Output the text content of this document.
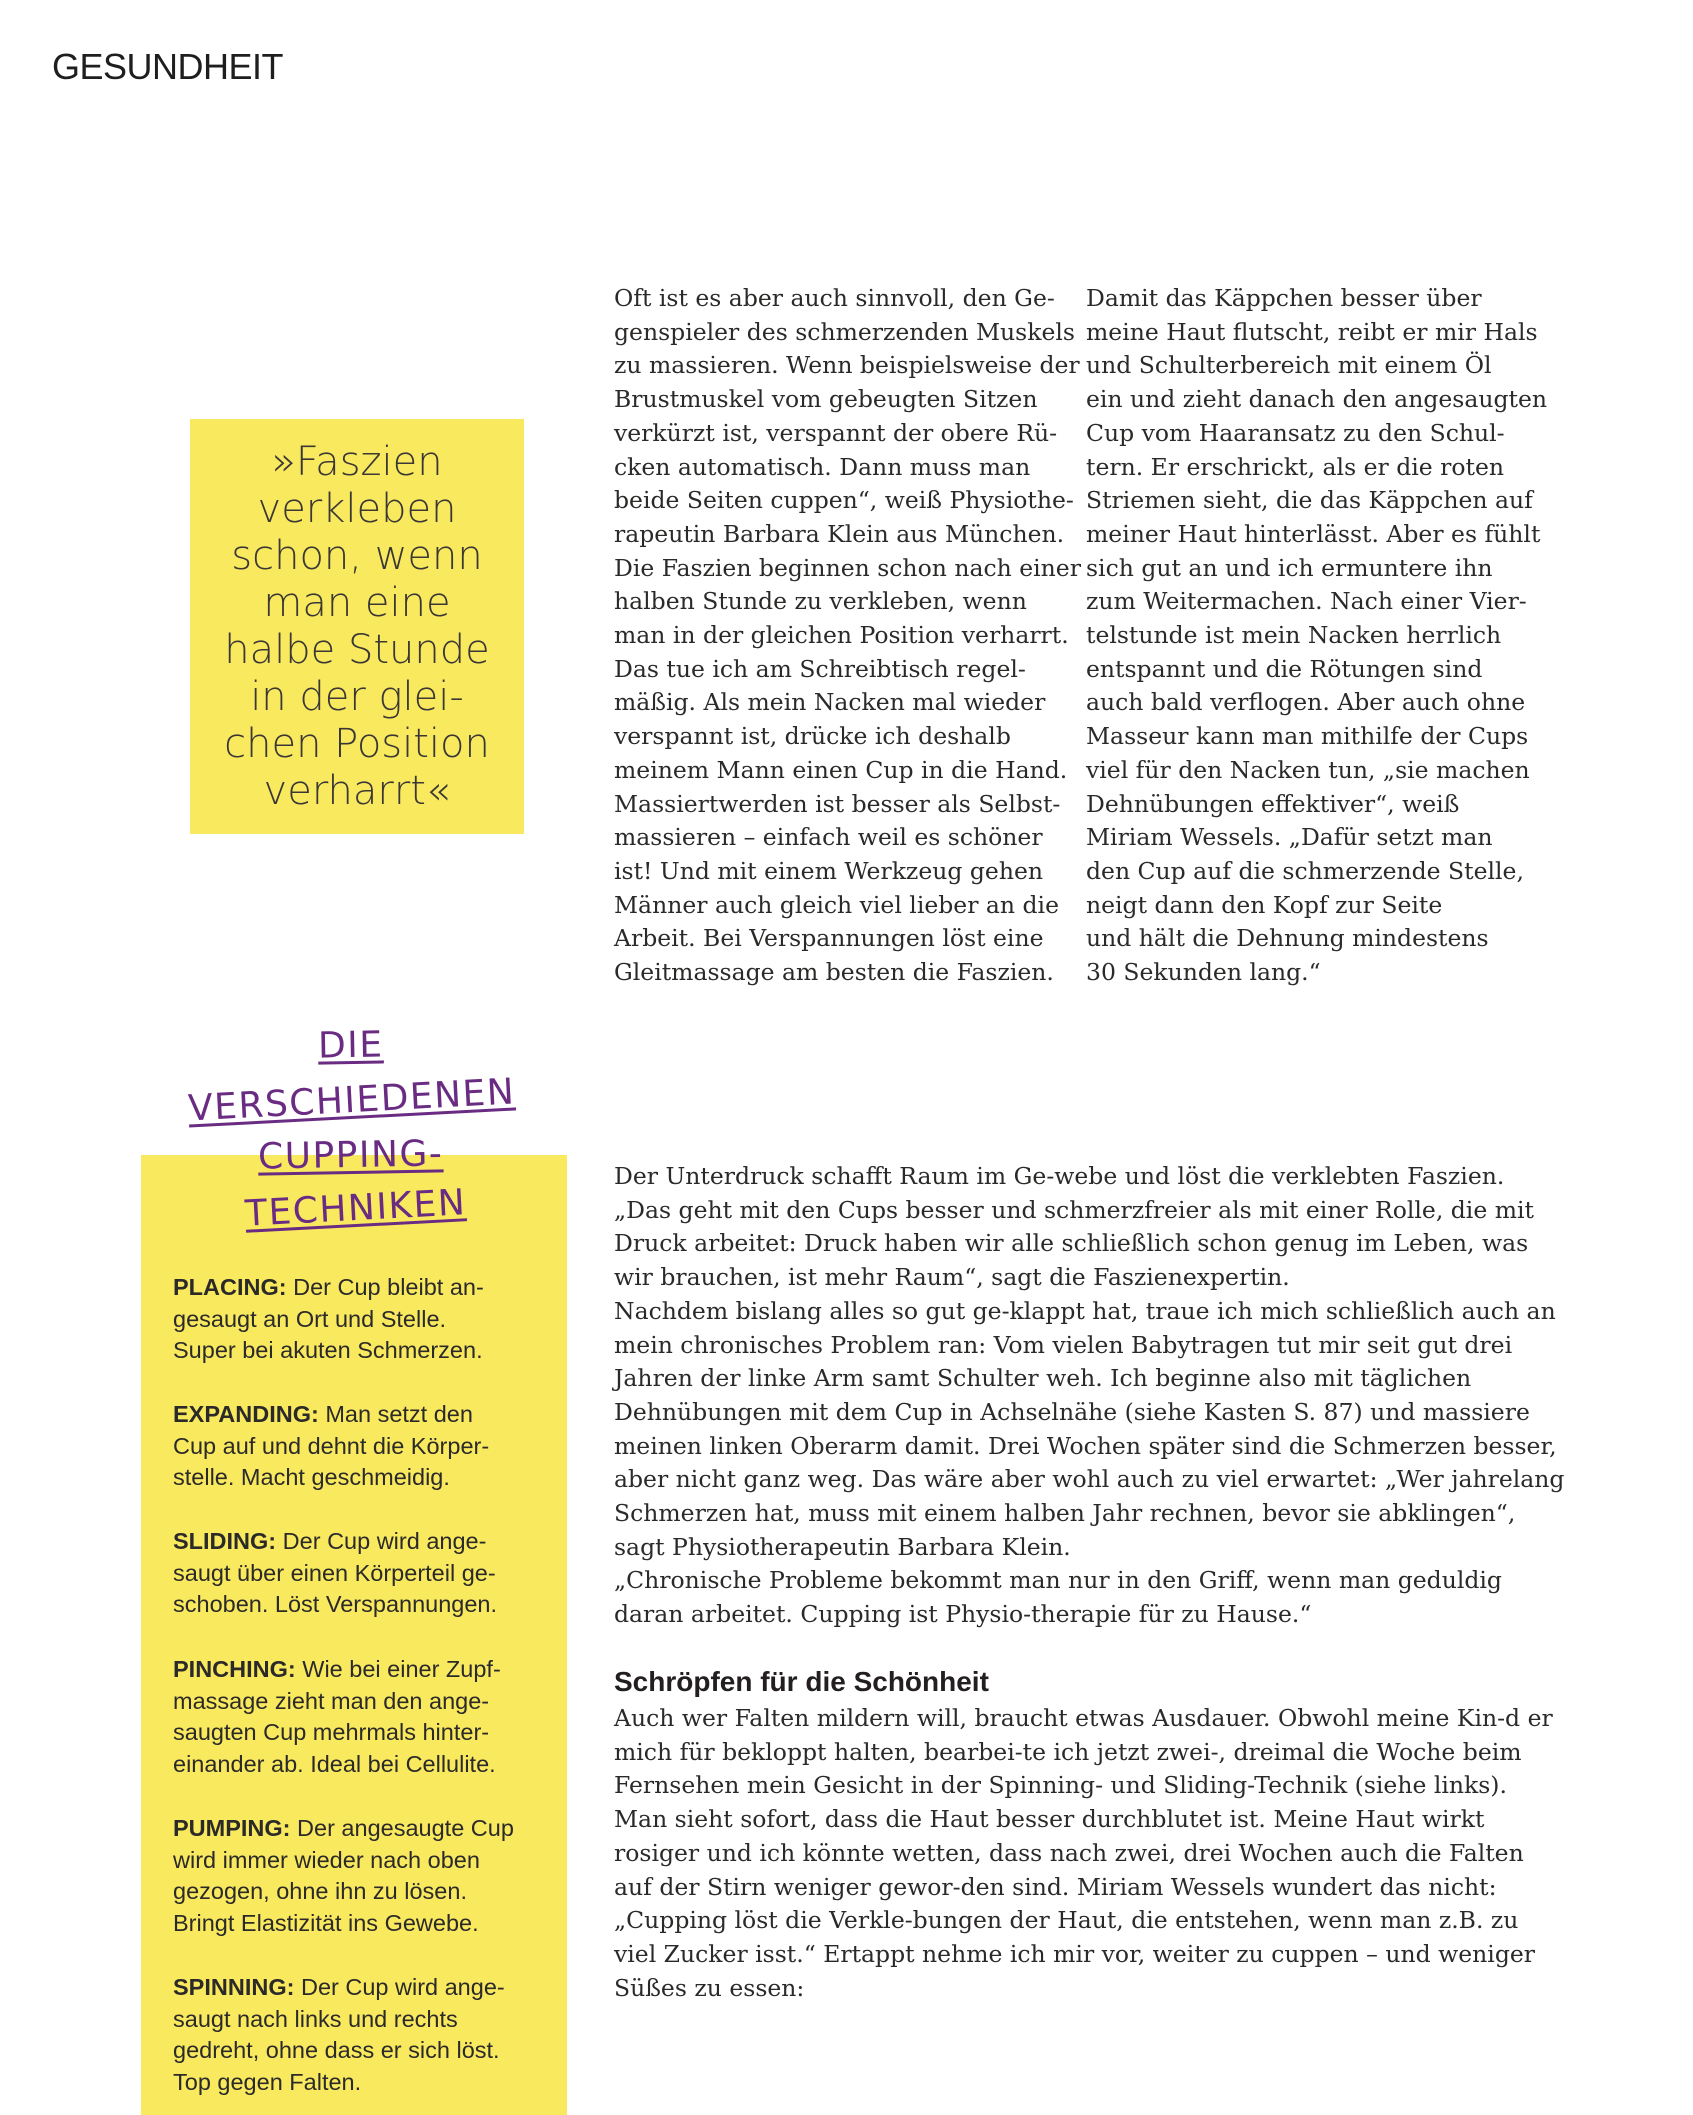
GESUNDHEIT
»Faszien
verkleben
schon, wenn
man eine
halbe Stunde
in der glei-
chen Position
verharrt«
Oft ist es aber auch sinnvoll, den Ge-
genspieler des schmerzenden Muskels
zu massieren. Wenn beispielsweise der
Brustmuskel vom gebeugten Sitzen
verkürzt ist, verspannt der obere Rü-
cken automatisch. Dann muss man
beide Seiten cuppen“, weiß Physiothe-
rapeutin Barbara Klein aus München.
Die Faszien beginnen schon nach einer
halben Stunde zu verkleben, wenn
man in der gleichen Position verharrt.
Das tue ich am Schreibtisch regel-
mäßig. Als mein Nacken mal wieder
verspannt ist, drücke ich deshalb
meinem Mann einen Cup in die Hand.
Massiertwerden ist besser als Selbst-
massieren – einfach weil es schöner
ist! Und mit einem Werkzeug gehen
Männer auch gleich viel lieber an die
Arbeit. Bei Verspannungen löst eine
Gleitmassage am besten die Faszien.
Damit das Käppchen besser über
meine Haut flutscht, reibt er mir Hals
und Schulterbereich mit einem Öl
ein und zieht danach den angesaugten
Cup vom Haaransatz zu den Schul-
tern. Er erschrickt, als er die roten
Striemen sieht, die das Käppchen auf
meiner Haut hinterlässt. Aber es fühlt
sich gut an und ich ermuntere ihn
zum Weitermachen. Nach einer Vier-
telstunde ist mein Nacken herrlich
entspannt und die Rötungen sind
auch bald verflogen. Aber auch ohne
Masseur kann man mithilfe der Cups
viel für den Nacken tun, „sie machen
Dehnübungen effektiver“, weiß
Miriam Wessels. „Dafür setzt man
den Cup auf die schmerzende Stelle,
neigt dann den Kopf zur Seite
und hält die Dehnung mindestens
30 Sekunden lang.“
DIE
VERSCHIEDENEN
CUPPING-
TECHNIKEN
PLACING: Der Cup bleibt an-
gesaugt an Ort und Stelle.
Super bei akuten Schmerzen.
EXPANDING: Man setzt den
Cup auf und dehnt die Körper-
stelle. Macht geschmeidig.
SLIDING: Der Cup wird ange-
saugt über einen Körperteil ge-
schoben. Löst Verspannungen.
PINCHING: Wie bei einer Zupf-
massage zieht man den ange-
saugten Cup mehrmals hinter-
einander ab. Ideal bei Cellulite.
PUMPING: Der angesaugte Cup
wird immer wieder nach oben
gezogen, ohne ihn zu lösen.
Bringt Elastizität ins Gewebe.
SPINNING: Der Cup wird ange-
saugt nach links und rechts
gedreht, ohne dass er sich löst.
Top gegen Falten.
Der Unterdruck schafft Raum im Ge-webe und löst die verklebten Faszien.
„Das geht mit den Cups besser und schmerzfreier als mit einer Rolle, die mit
Druck arbeitet: Druck haben wir alle schließlich schon genug im Leben, was
wir brauchen, ist mehr Raum“, sagt die Faszienexpertin.
Nachdem bislang alles so gut ge-klappt hat, traue ich mich schließlich auch an
mein chronisches Problem ran: Vom vielen Babytragen tut mir seit gut drei
Jahren der linke Arm samt Schulter weh. Ich beginne also mit täglichen
Dehnübungen mit dem Cup in Achselnähe (siehe Kasten S. 87) und massiere
meinen linken Oberarm damit. Drei Wochen später sind die Schmerzen besser,
aber nicht ganz weg. Das wäre aber wohl auch zu viel erwartet: „Wer jahrelang
Schmerzen hat, muss mit einem halben Jahr rechnen, bevor sie abklingen“,
sagt Physiotherapeutin Barbara Klein.
„Chronische Probleme bekommt man nur in den Griff, wenn man geduldig
daran arbeitet. Cupping ist Physio-therapie für zu Hause.“
Schröpfen für die Schönheit
Auch wer Falten mildern will, braucht etwas Ausdauer. Obwohl meine Kin-d er
mich für bekloppt halten, bearbei-te ich jetzt zwei-, dreimal die Woche beim
Fernsehen mein Gesicht in der Spinning- und Sliding-Technik (siehe links).
Man sieht sofort, dass die Haut besser durchblutet ist. Meine Haut wirkt
rosiger und ich könnte wetten, dass nach zwei, drei Wochen auch die Falten
auf der Stirn weniger gewor-den sind. Miriam Wessels wundert das nicht:
„Cupping löst die Verkle-bungen der Haut, die entstehen, wenn man z.B. zu
viel Zucker isst.“ Ertappt nehme ich mir vor, weiter zu cuppen – und weniger
Süßes zu essen:
